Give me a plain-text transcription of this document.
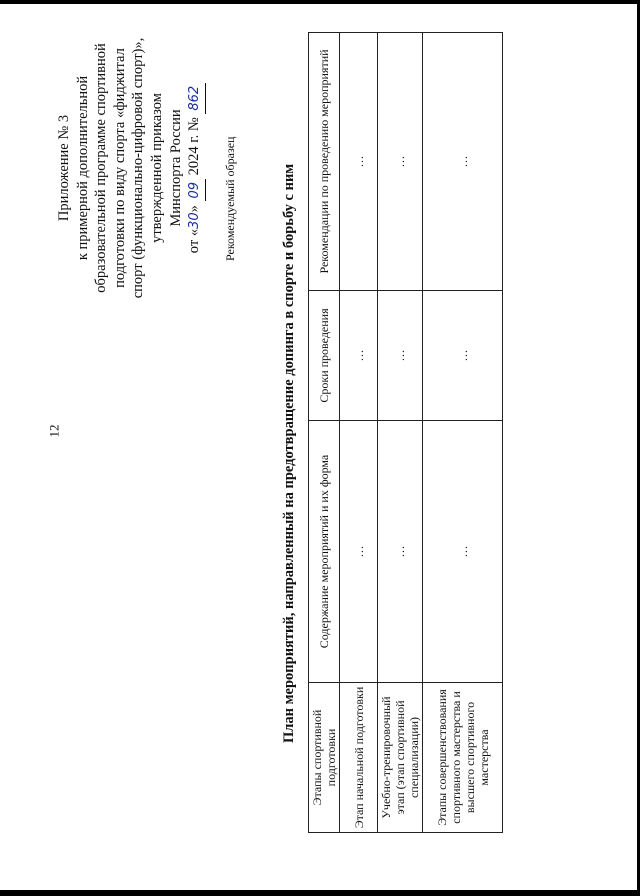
12
Приложение № 3 к примерной дополнительной образовательной программе спортивной подготовки по виду спорта «фиджитал спорт (функционально-цифровой спорт)», утвержденной приказом Минспорта России
от «30» 09 2024 г. № 862
Рекомендуемый образец	План мероприятий, направленный на предотвращение допинга в спорте и борьбу с ним
Этапы спортивной подготовки	Содержание мероприятий и их форма	Сроки проведения	Рекомендации по проведению мероприятий
Этап начальной подготовки	…	…	…
Учебно-тренировочный этап (этап спортивной специализации)	…	…	…
Этапы совершенствования спортивного мастерства и высшего спортивного мастерства	…	…	…
